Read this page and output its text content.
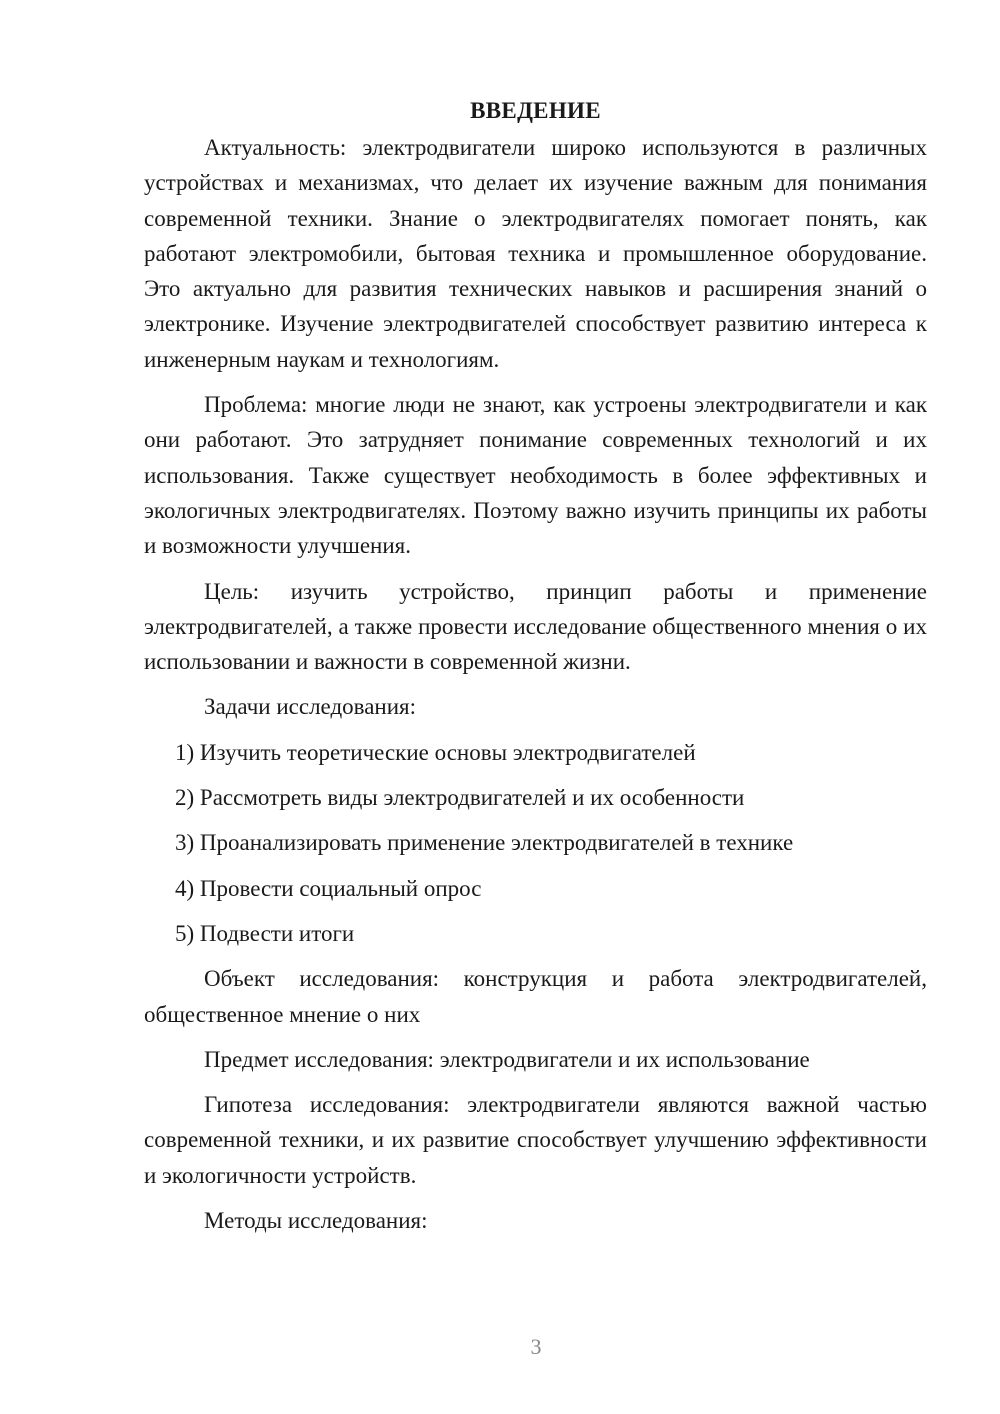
ВВЕДЕНИЕ

Актуальность: электродвигатели широко используются в различных устройствах и механизмах, что делает их изучение важным для понимания современной техники. Знание о электродвигателях помогает понять, как работают электромобили, бытовая техника и промышленное оборудование. Это актуально для развития технических навыков и расширения знаний о электронике. Изучение электродвигателей способствует развитию интереса к инженерным наукам и технологиям.

Проблема: многие люди не знают, как устроены электродвигатели и как они работают. Это затрудняет понимание современных технологий и их использования. Также существует необходимость в более эффективных и экологичных электродвигателях. Поэтому важно изучить принципы их работы и возможности улучшения.

Цель: изучить устройство, принцип работы и применение электродвигателей, а также провести исследование общественного мнения о их использовании и важности в современной жизни.

Задачи исследования:

1) Изучить теоретические основы электродвигателей
2) Рассмотреть виды электродвигателей и их особенности
3) Проанализировать применение электродвигателей в технике
4) Провести социальный опрос
5) Подвести итоги

Объект исследования: конструкция и работа электродвигателей, общественное мнение о них

Предмет исследования: электродвигатели и их использование

Гипотеза исследования: электродвигатели являются важной частью современной техники, и их развитие способствует улучшению эффективности и экологичности устройств.

Методы исследования:

3
